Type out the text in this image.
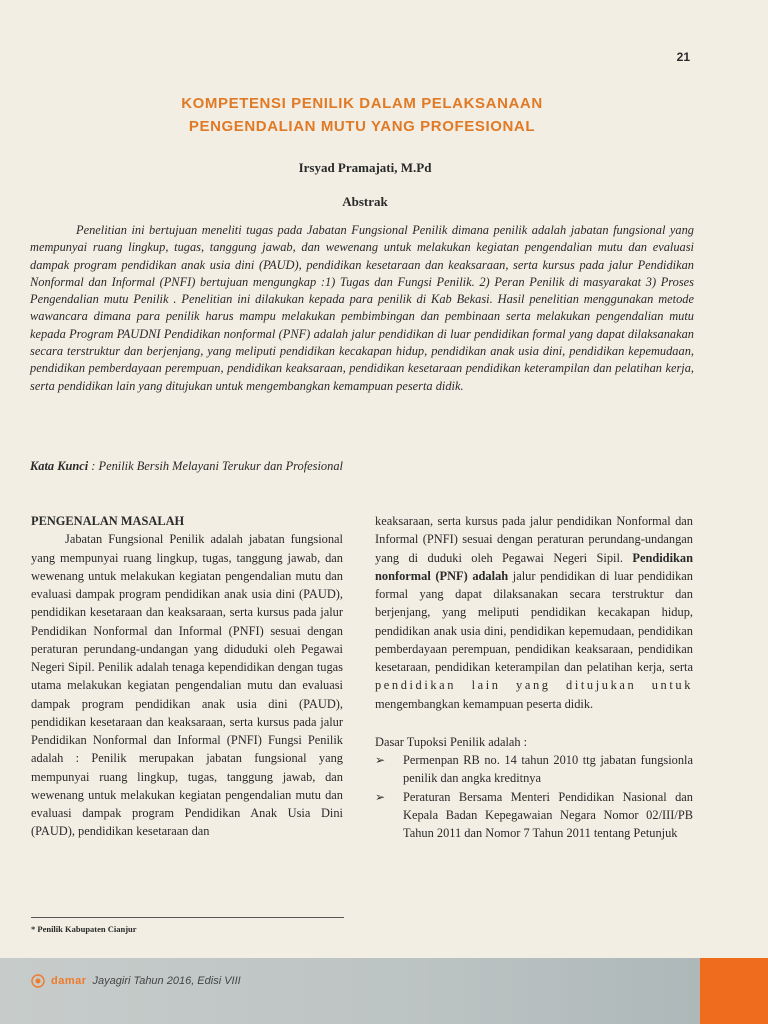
21
KOMPETENSI PENILIK DALAM PELAKSANAAN
PENGENDALIAN MUTU YANG PROFESIONAL
Irsyad Pramajati, M.Pd
Abstrak

Penelitian ini bertujuan meneliti tugas pada Jabatan Fungsional Penilik dimana penilik adalah jabatan fungsional yang mempunyai ruang lingkup, tugas, tanggung jawab, dan wewenang untuk melakukan kegiatan pengendalian mutu dan evaluasi dampak program pendidikan anak usia dini (PAUD), pendidikan kesetaraan dan keaksaraan, serta kursus pada jalur Pendidikan Nonformal dan Informal (PNFI) bertujuan mengungkap :1) Tugas dan Fungsi Penilik. 2) Peran Penilik di masyarakat 3) Proses Pengendalian mutu Penilik . Penelitian ini dilakukan kepada para penilik di Kab Bekasi. Hasil penelitian menggunakan metode wawancara dimana para penilik harus mampu melakukan pembimbingan dan pembinaan serta melakukan pengendalian mutu kepada Program PAUDNI Pendidikan nonformal (PNF) adalah jalur pendidikan di luar pendidikan formal yang dapat dilaksanakan secara terstruktur dan berjenjang, yang meliputi pendidikan kecakapan hidup, pendidikan anak usia dini, pendidikan kepemudaan, pendidikan pemberdayaan perempuan, pendidikan keaksaraan, pendidikan kesetaraan pendidikan keterampilan dan pelatihan kerja, serta pendidikan lain yang ditujukan untuk mengembangkan kemampuan peserta didik.

Kata Kunci : Penilik Bersih Melayani Terukur dan Profesional

PENGENALAN MASALAH

Jabatan Fungsional Penilik adalah jabatan fungsional yang mempunyai ruang lingkup, tugas, tanggung jawab, dan wewenang untuk melakukan kegiatan pengendalian mutu dan evaluasi dampak program pendidikan anak usia dini (PAUD), pendidikan kesetaraan dan keaksaraan, serta kursus pada jalur Pendidikan Nonformal dan Informal (PNFI) sesuai dengan peraturan perundang-undangan yang diduduki oleh Pegawai Negeri Sipil. Penilik adalah tenaga kependidikan dengan tugas utama melakukan kegiatan pengendalian mutu dan evaluasi dampak program pendidikan anak usia dini (PAUD), pendidikan kesetaraan dan keaksaraan, serta kursus pada jalur Pendidikan Nonformal dan Informal (PNFI) Fungsi Penilik adalah : Penilik merupakan jabatan fungsional yang mempunyai ruang lingkup, tugas, tanggung jawab, dan wewenang untuk melakukan kegiatan pengendalian mutu dan evaluasi dampak program Pendidikan Anak Usia Dini (PAUD), pendidikan kesetaraan dan

keaksaraan, serta kursus pada jalur pendidikan Nonformal dan Informal (PNFI) sesuai dengan peraturan perundang-undangan yang di duduki oleh Pegawai Negeri Sipil. Pendidikan nonformal (PNF) adalah jalur pendidikan di luar pendidikan formal yang dapat dilaksanakan secara terstruktur dan berjenjang, yang meliputi pendidikan kecakapan hidup, pendidikan anak usia dini, pendidikan kepemudaan, pendidikan pemberdayaan perempuan, pendidikan keaksaraan, pendidikan kesetaraan, pendidikan keterampilan dan pelatihan kerja, serta pendidikan lain yang ditujukan untuk mengembangkan kemampuan peserta didik.

Dasar Tupoksi Penilik adalah :

➢	Permenpan RB no. 14 tahun 2010 ttg jabatan fungsionla penilik dan angka kreditnya
➢	Peraturan Bersama Menteri Pendidikan Nasional dan Kepala Badan Kepegawaian Negara Nomor 02/III/PB Tahun 2011 dan Nomor 7 Tahun 2011 tentang Petunjuk
* Penilik Kabupaten Cianjur
damar Jayagiri Tahun 2016, Edisi VIII
